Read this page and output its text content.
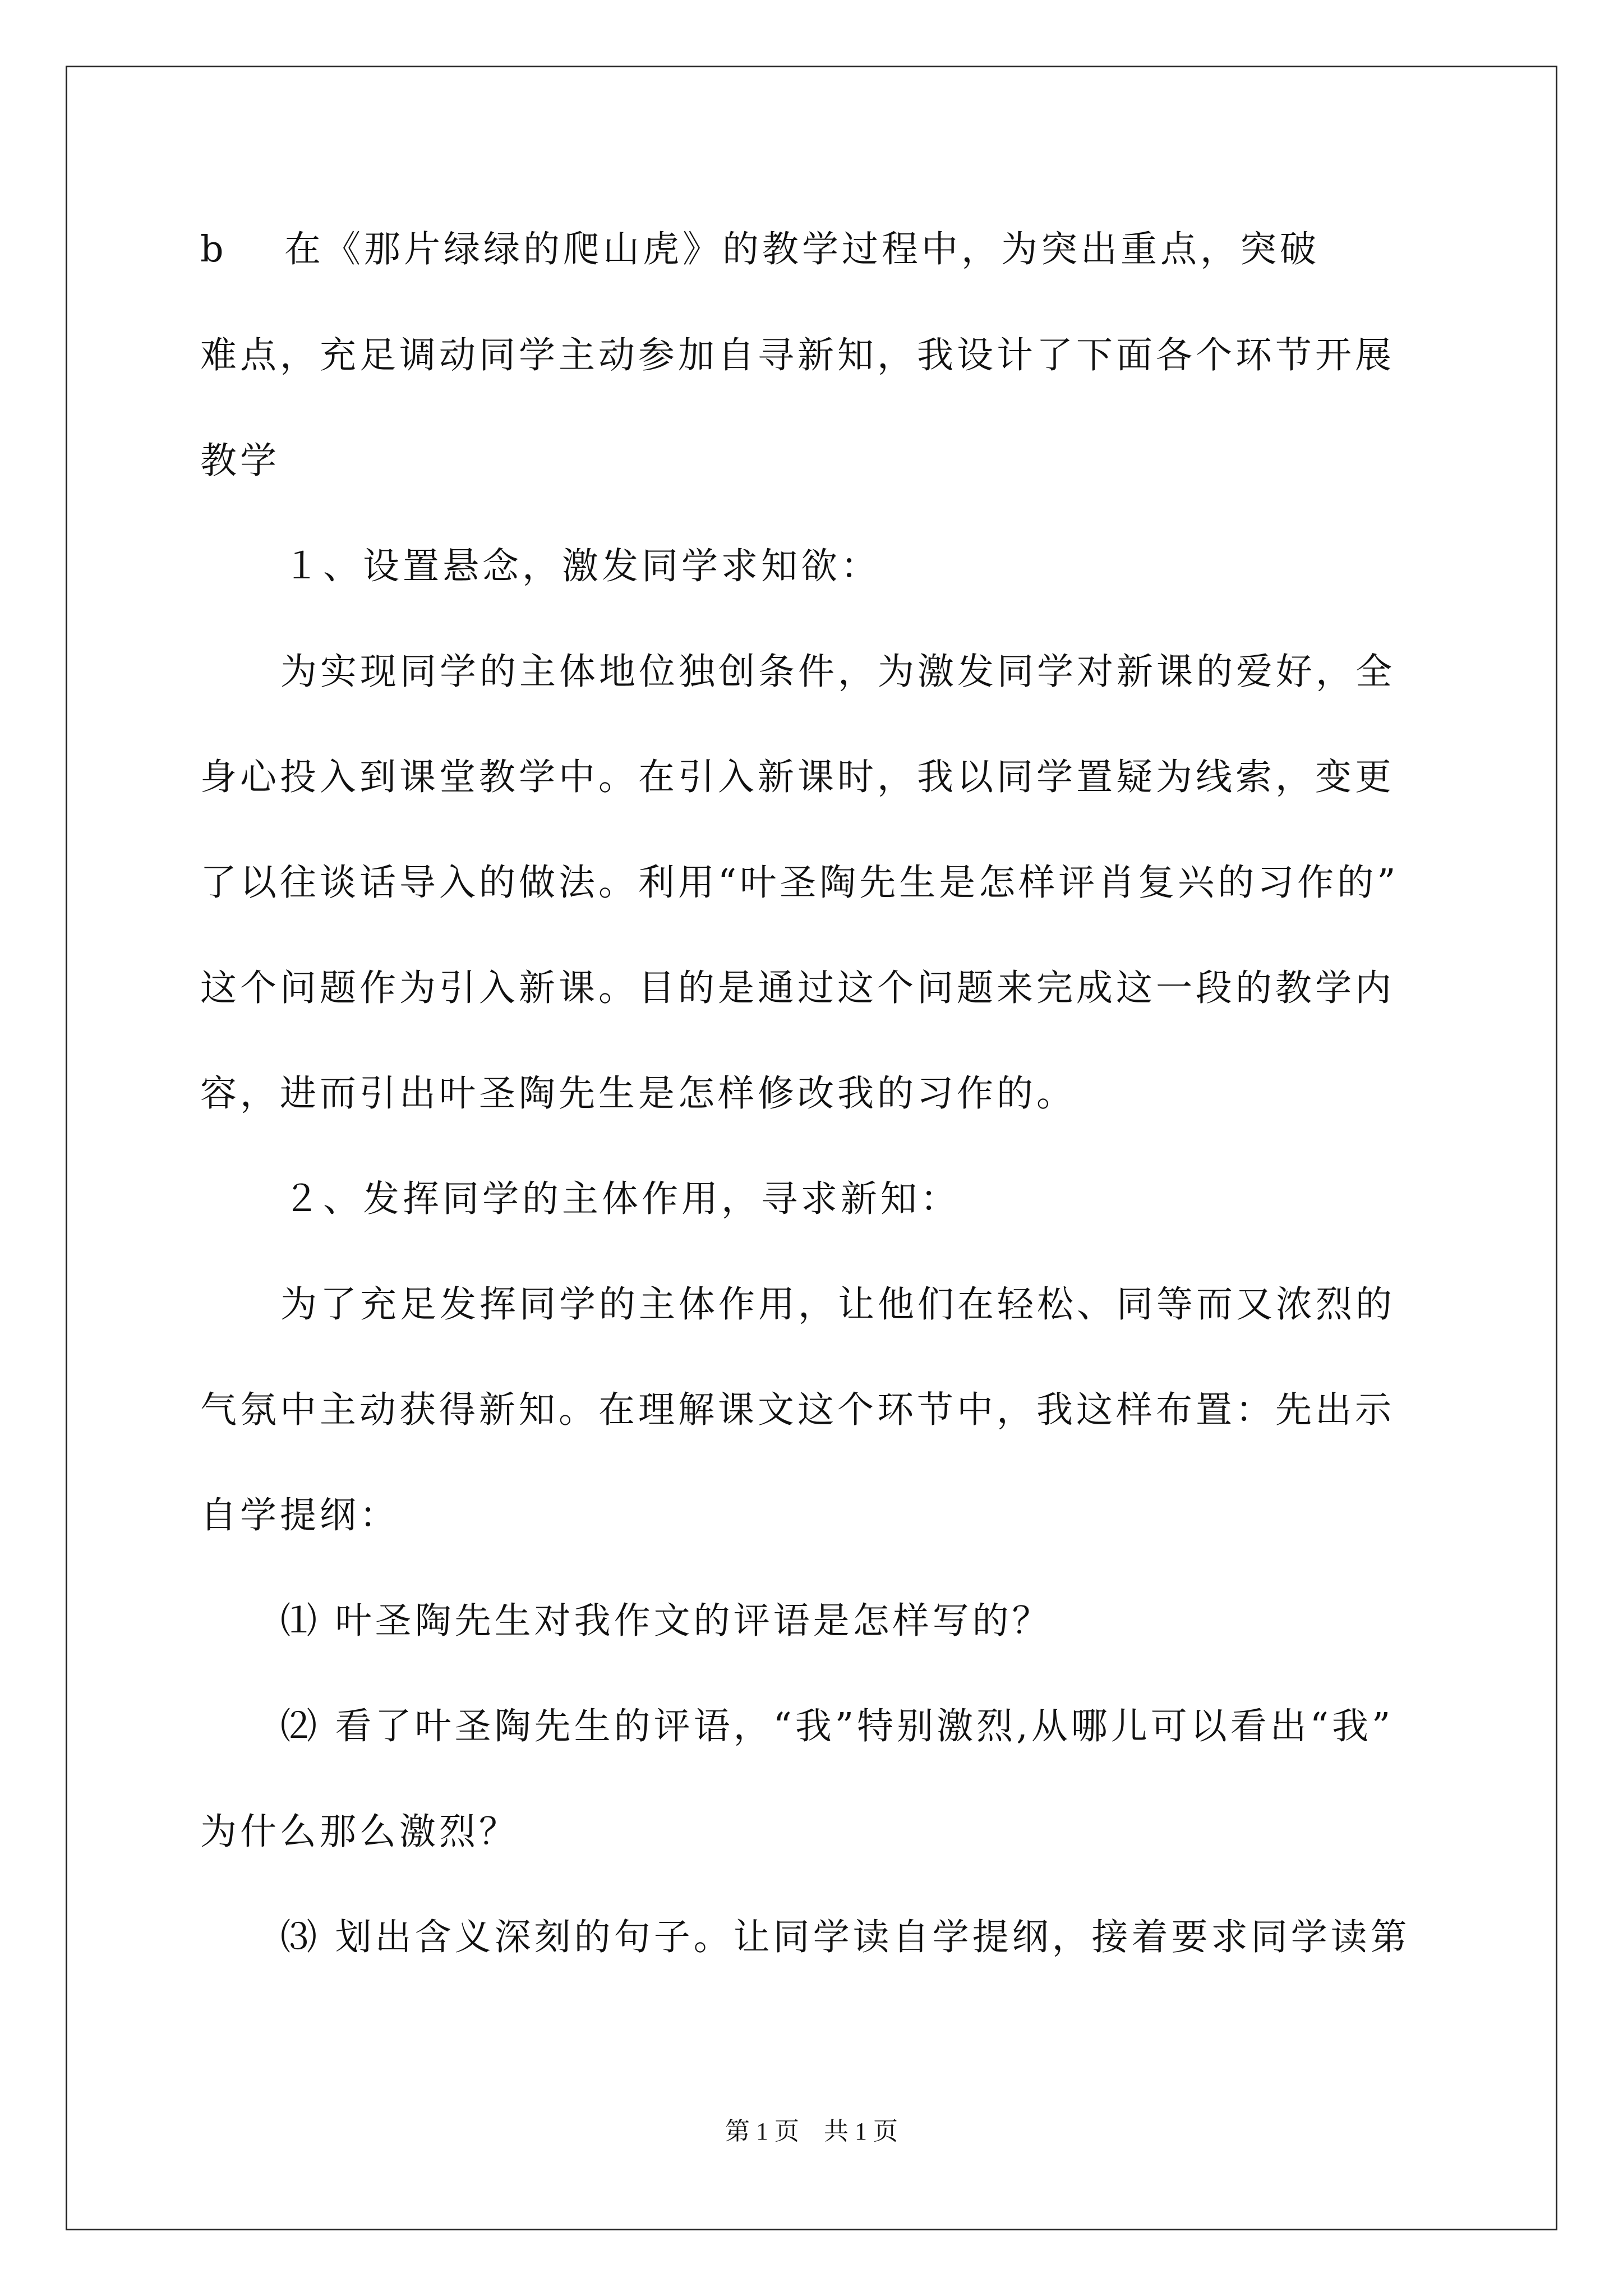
b 在《那片绿绿的爬山虎》的教学过程中，为突出重点，突破
难点，充足调动同学主动参加自寻新知，我设计了下面各个环节开展
教学
１、设置悬念，激发同学求知欲：
为实现同学的主体地位独创条件，为激发同学对新课的爱好，全
身心投入到课堂教学中。在引入新课时，我以同学置疑为线索，变更
了以往谈话导入的做法。利用“叶圣陶先生是怎样评肖复兴的习作的”
这个问题作为引入新课。目的是通过这个问题来完成这一段的教学内
容，进而引出叶圣陶先生是怎样修改我的习作的。
２、发挥同学的主体作用，寻求新知：
为了充足发挥同学的主体作用，让他们在轻松、同等而又浓烈的
气氛中主动获得新知。在理解课文这个环节中，我这样布置：先出示
自学提纲：
⑴ 叶圣陶先生对我作文的评语是怎样写的？
⑵ 看了叶圣陶先生的评语，“我”特别激烈,从哪儿可以看出“我”
为什么那么激烈？
⑶ 划出含义深刻的句子。让同学读自学提纲，接着要求同学读第
第 1 页 共 1 页
